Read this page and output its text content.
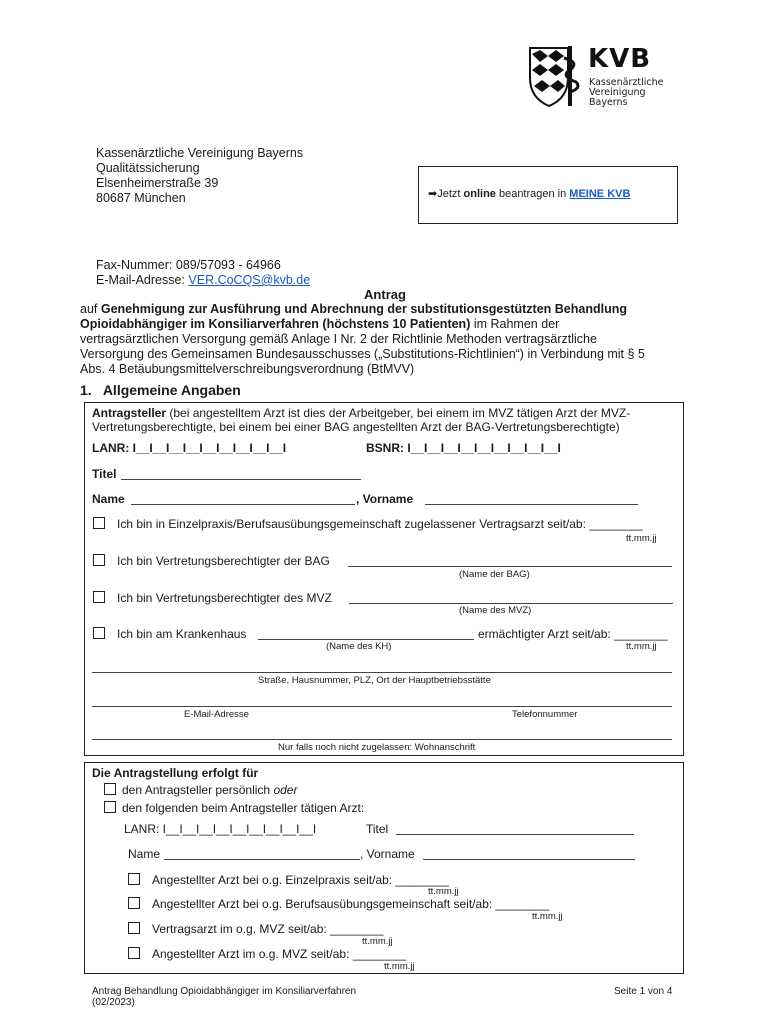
KVB
Kassenärztliche
Vereinigung
Bayerns
Kassenärztliche Vereinigung Bayerns
Qualitätssicherung
Elsenheimerstraße 39
80687 München	➡Jetzt online beantragen in MEINE KVB
Fax-Nummer: 089/57093 - 64966
E-Mail-Adresse: VER.CoCQS@kvb.de
Antrag
auf Genehmigung zur Ausführung und Abrechnung der substitutionsgestützten Behandlung
Opioidabhängiger im Konsiliarverfahren (höchstens 10 Patienten) im Rahmen der
vertragsärztlichen Versorgung gemäß Anlage I Nr. 2 der Richtlinie Methoden vertragsärztliche
Versorgung des Gemeinsamen Bundesausschusses („Substitutions-Richtlinien“) in Verbindung mit § 5
Abs. 4 Betäubungsmittelverschreibungsverordnung (BtMVV)
1.   Allgemeine Angaben
Antragsteller (bei angestelltem Arzt ist dies der Arbeitgeber, bei einem im MVZ tätigen Arzt der MVZ-
Vertretungsberechtigte, bei einem bei einer BAG angestellten Arzt der BAG-Vertretungsberechtigte)
LANR: I__I__I__I__I__I__I__I__I__I	BSNR: I__I__I__I__I__I__I__I__I__I
Titel
Name	, Vorname
Ich bin in Einzelpraxis/Berufsausübungsgemeinschaft zugelassener Vertragsarzt seit/ab: ________
tt.mm.jj
Ich bin Vertretungsberechtigter der BAG
(Name der BAG)
Ich bin Vertretungsberechtigter des MVZ
(Name des MVZ)
Ich bin am Krankenhaus	ermächtigter Arzt seit/ab: ________
(Name des KH)	tt.mm.jj
Straße, Hausnummer, PLZ, Ort der Hauptbetriebsstätte
E-Mail-Adresse	Telefonnummer
Nur falls noch nicht zugelassen: Wohnanschrift
Die Antragstellung erfolgt für
den Antragsteller persönlich oder
den folgenden beim Antragsteller tätigen Arzt:
LANR: I__I__I__I__I__I__I__I__I__I	Titel
Name	, Vorname
Angestellter Arzt bei o.g. Einzelpraxis seit/ab: ________
tt.mm.jj
Angestellter Arzt bei o.g. Berufsausübungsgemeinschaft seit/ab: ________
tt.mm.jj
Vertragsarzt im o.g. MVZ seit/ab: ________
tt.mm.jj
Angestellter Arzt im o.g. MVZ seit/ab: ________
tt.mm.jj
Antrag Behandlung Opioidabhängiger im Konsiliarverfahren
(02/2023)
Seite 1 von 4
